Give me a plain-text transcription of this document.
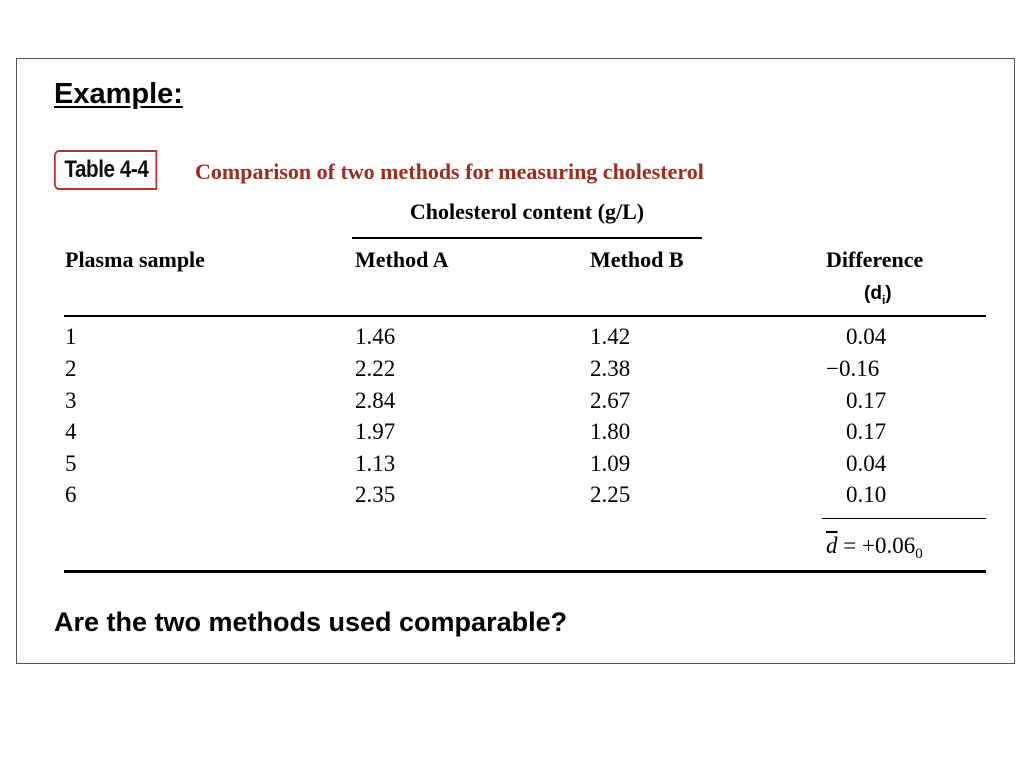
Example:
Table 4-4	Comparison of two methods for measuring cholesterol
Cholesterol content (g/L)
Plasma sample	Method A	Method B	Difference
$(d_i)$
1	1.46	1.42	0.04
2	2.22	2.38	−0.16
3	2.84	2.67	0.17
4	1.97	1.80	0.17
5	1.13	1.09	0.04
6	2.35	2.25	0.10
$\overline{d} = +0.06_0$
Are the two methods used comparable?
